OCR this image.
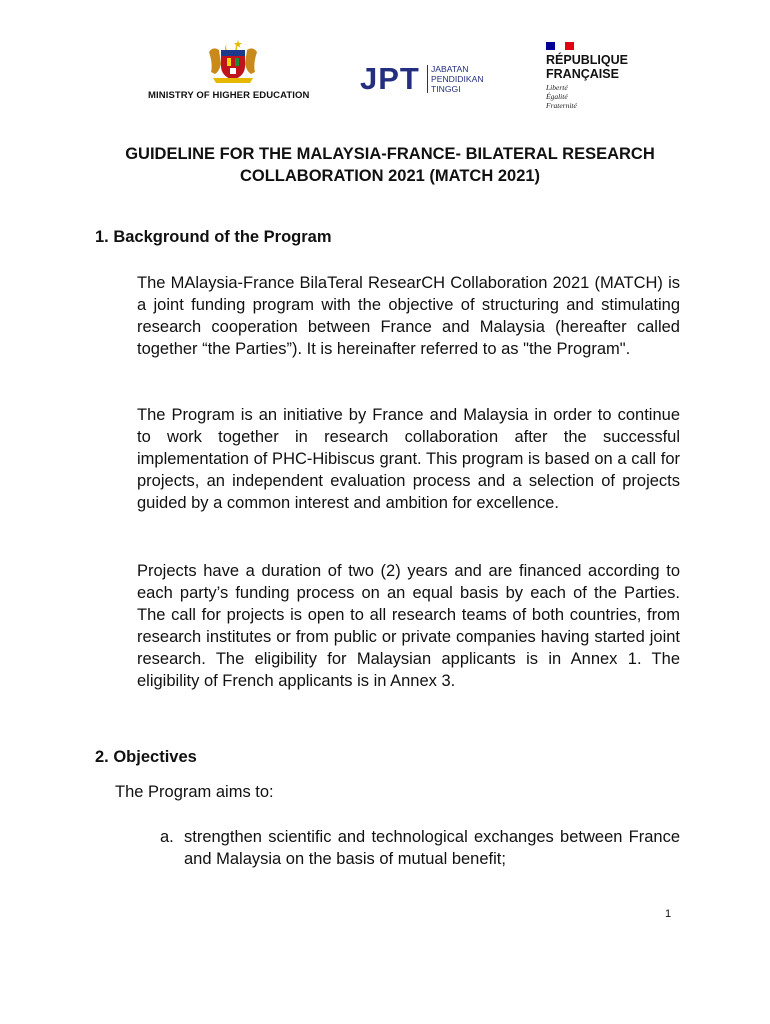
MINISTRY OF HIGHER EDUCATION	JPT JABATAN
PENDIDIKAN
TINGGI
RÉPUBLIQUE
FRANÇAISE
Liberté
Égalité
Fraternité
GUIDELINE FOR THE MALAYSIA-FRANCE- BILATERAL RESEARCH COLLABORATION 2021 (MATCH 2021)
1. Background of the Program
The MAlaysia-France BilaTeral ResearCH Collaboration 2021 (MATCH) is a joint funding program with the objective of structuring and stimulating research cooperation between France and Malaysia (hereafter called together “the Parties”). It is hereinafter referred to as "the Program".
The Program is an initiative by France and Malaysia in order to continue to work together in research collaboration after the successful implementation of PHC-Hibiscus grant. This program is based on a call for projects, an independent evaluation process and a selection of projects guided by a common interest and ambition for excellence.
Projects have a duration of two (2) years and are financed according to each party’s funding process on an equal basis by each of the Parties. The call for projects is open to all research teams of both countries, from research institutes or from public or private companies having started joint research. The eligibility for Malaysian applicants is in Annex 1. The eligibility of French applicants is in Annex 3.
2. Objectives
The Program aims to:
a. strengthen scientific and technological exchanges between France and Malaysia on the basis of mutual benefit;
1
